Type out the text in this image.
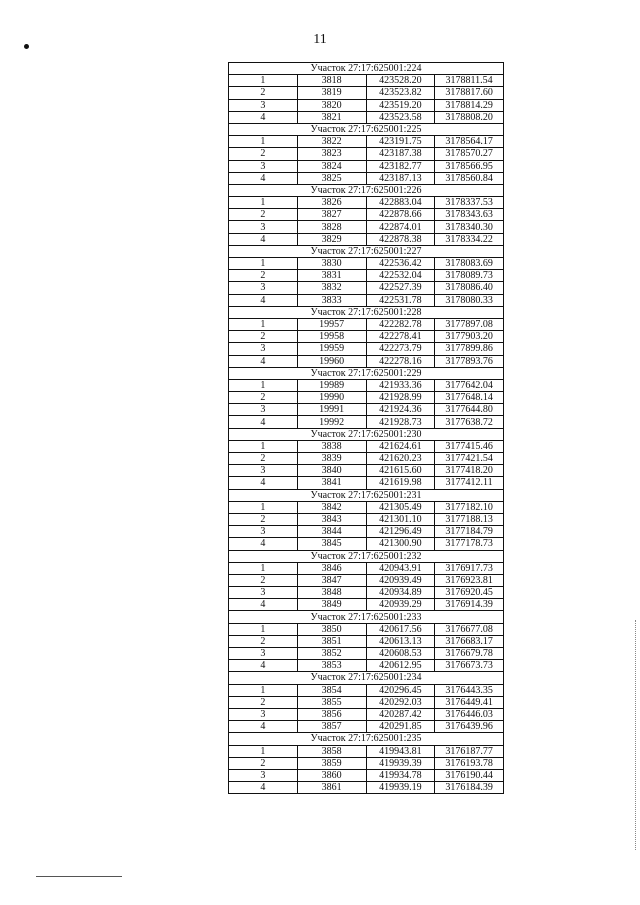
11
Участок 27:17:625001:224			
1	3818	423528.20	3178811.54
2	3819	423523.82	3178817.60
3	3820	423519.20	3178814.29
4	3821	423523.58	3178808.20
Участок 27:17:625001:225			
1	3822	423191.75	3178564.17
2	3823	423187.38	3178570.27
3	3824	423182.77	3178566.95
4	3825	423187.13	3178560.84
Участок 27:17:625001:226			
1	3826	422883.04	3178337.53
2	3827	422878.66	3178343.63
3	3828	422874.01	3178340.30
4	3829	422878.38	3178334.22
Участок 27:17:625001:227			
1	3830	422536.42	3178083.69
2	3831	422532.04	3178089.73
3	3832	422527.39	3178086.40
4	3833	422531.78	3178080.33
Участок 27:17:625001:228			
1	19957	422282.78	3177897.08
2	19958	422278.41	3177903.20
3	19959	422273.79	3177899.86
4	19960	422278.16	3177893.76
Участок 27:17:625001:229			
1	19989	421933.36	3177642.04
2	19990	421928.99	3177648.14
3	19991	421924.36	3177644.80
4	19992	421928.73	3177638.72
Участок 27:17:625001:230			
1	3838	421624.61	3177415.46
2	3839	421620.23	3177421.54
3	3840	421615.60	3177418.20
4	3841	421619.98	3177412.11
Участок 27:17:625001:231			
1	3842	421305.49	3177182.10
2	3843	421301.10	3177188.13
3	3844	421296.49	3177184.79
4	3845	421300.90	3177178.73
Участок 27:17:625001:232			
1	3846	420943.91	3176917.73
2	3847	420939.49	3176923.81
3	3848	420934.89	3176920.45
4	3849	420939.29	3176914.39
Участок 27:17:625001:233			
1	3850	420617.56	3176677.08
2	3851	420613.13	3176683.17
3	3852	420608.53	3176679.78
4	3853	420612.95	3176673.73
Участок 27:17:625001:234			
1	3854	420296.45	3176443.35
2	3855	420292.03	3176449.41
3	3856	420287.42	3176446.03
4	3857	420291.85	3176439.96
Участок 27:17:625001:235			
1	3858	419943.81	3176187.77
2	3859	419939.39	3176193.78
3	3860	419934.78	3176190.44
4	3861	419939.19	3176184.39
